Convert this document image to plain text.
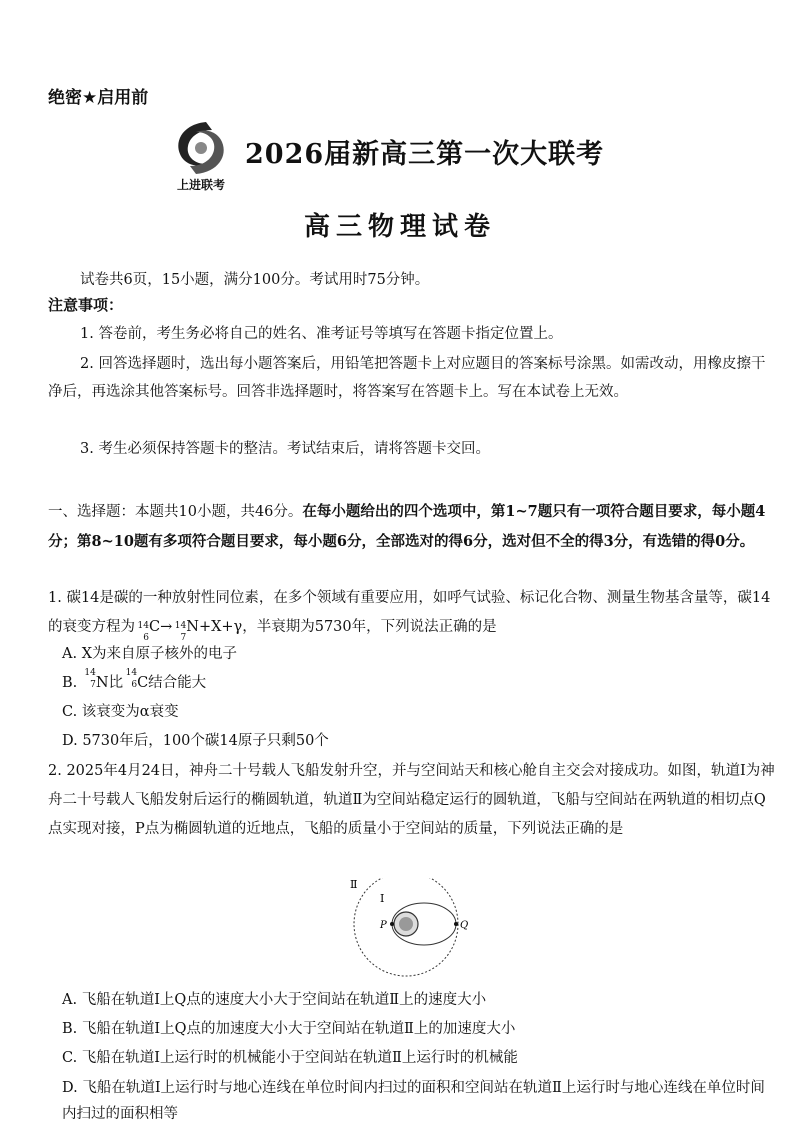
绝密★启用前
上进联考
2026届新高三第一次大联考
高三物理试卷
试卷共6页，15小题，满分100分。考试用时75分钟。
注意事项：
1. 答卷前，考生务必将自己的姓名、准考证号等填写在答题卡指定位置上。
2. 回答选择题时，选出每小题答案后，用铅笔把答题卡上对应题目的答案标号涂黑。如需改动，用橡皮擦干净后，再选涂其他答案标号。回答非选择题时，将答案写在答题卡上。写在本试卷上无效。
3. 考生必须保持答题卡的整洁。考试结束后，请将答题卡交回。
一、选择题：本题共10小题，共46分。在每小题给出的四个选项中，第1~7题只有一项符合题目要求，每小题4分；第8~10题有多项符合题目要求，每小题6分，全部选对的得6分，选对但不全的得3分，有选错的得0分。
1. 碳14是碳的一种放射性同位素，在多个领域有重要应用，如呼气试验、标记化合物、测量生物基含量等，碳14的衰变方程为 14
6
C→ 14
7
N+X+γ，半衰期为5730年，下列说法正确的是
A. X为来自原子核外的电子
B.
14
7 N比
14
6 C结合能大
C. 该衰变为α衰变
D. 5730年后，100个碳14原子只剩50个
2. 2025年4月24日，神舟二十号载人飞船发射升空，并与空间站天和核心舱自主交会对接成功。如图，轨道Ⅰ为神舟二十号载人飞船发射后运行的椭圆轨道，轨道Ⅱ为空间站稳定运行的圆轨道，飞船与空间站在两轨道的相切点Q点实现对接，P点为椭圆轨道的近地点，飞船的质量小于空间站的质量，下列说法正确的是
Ⅱ
Ⅰ
P	Q
A. 飞船在轨道Ⅰ上Q点的速度大小大于空间站在轨道Ⅱ上的速度大小
B. 飞船在轨道Ⅰ上Q点的加速度大小大于空间站在轨道Ⅱ上的加速度大小
C. 飞船在轨道Ⅰ上运行时的机械能小于空间站在轨道Ⅱ上运行时的机械能
D. 飞船在轨道Ⅰ上运行时与地心连线在单位时间内扫过的面积和空间站在轨道Ⅱ上运行时与地心连线在单位时间内扫过的面积相等
